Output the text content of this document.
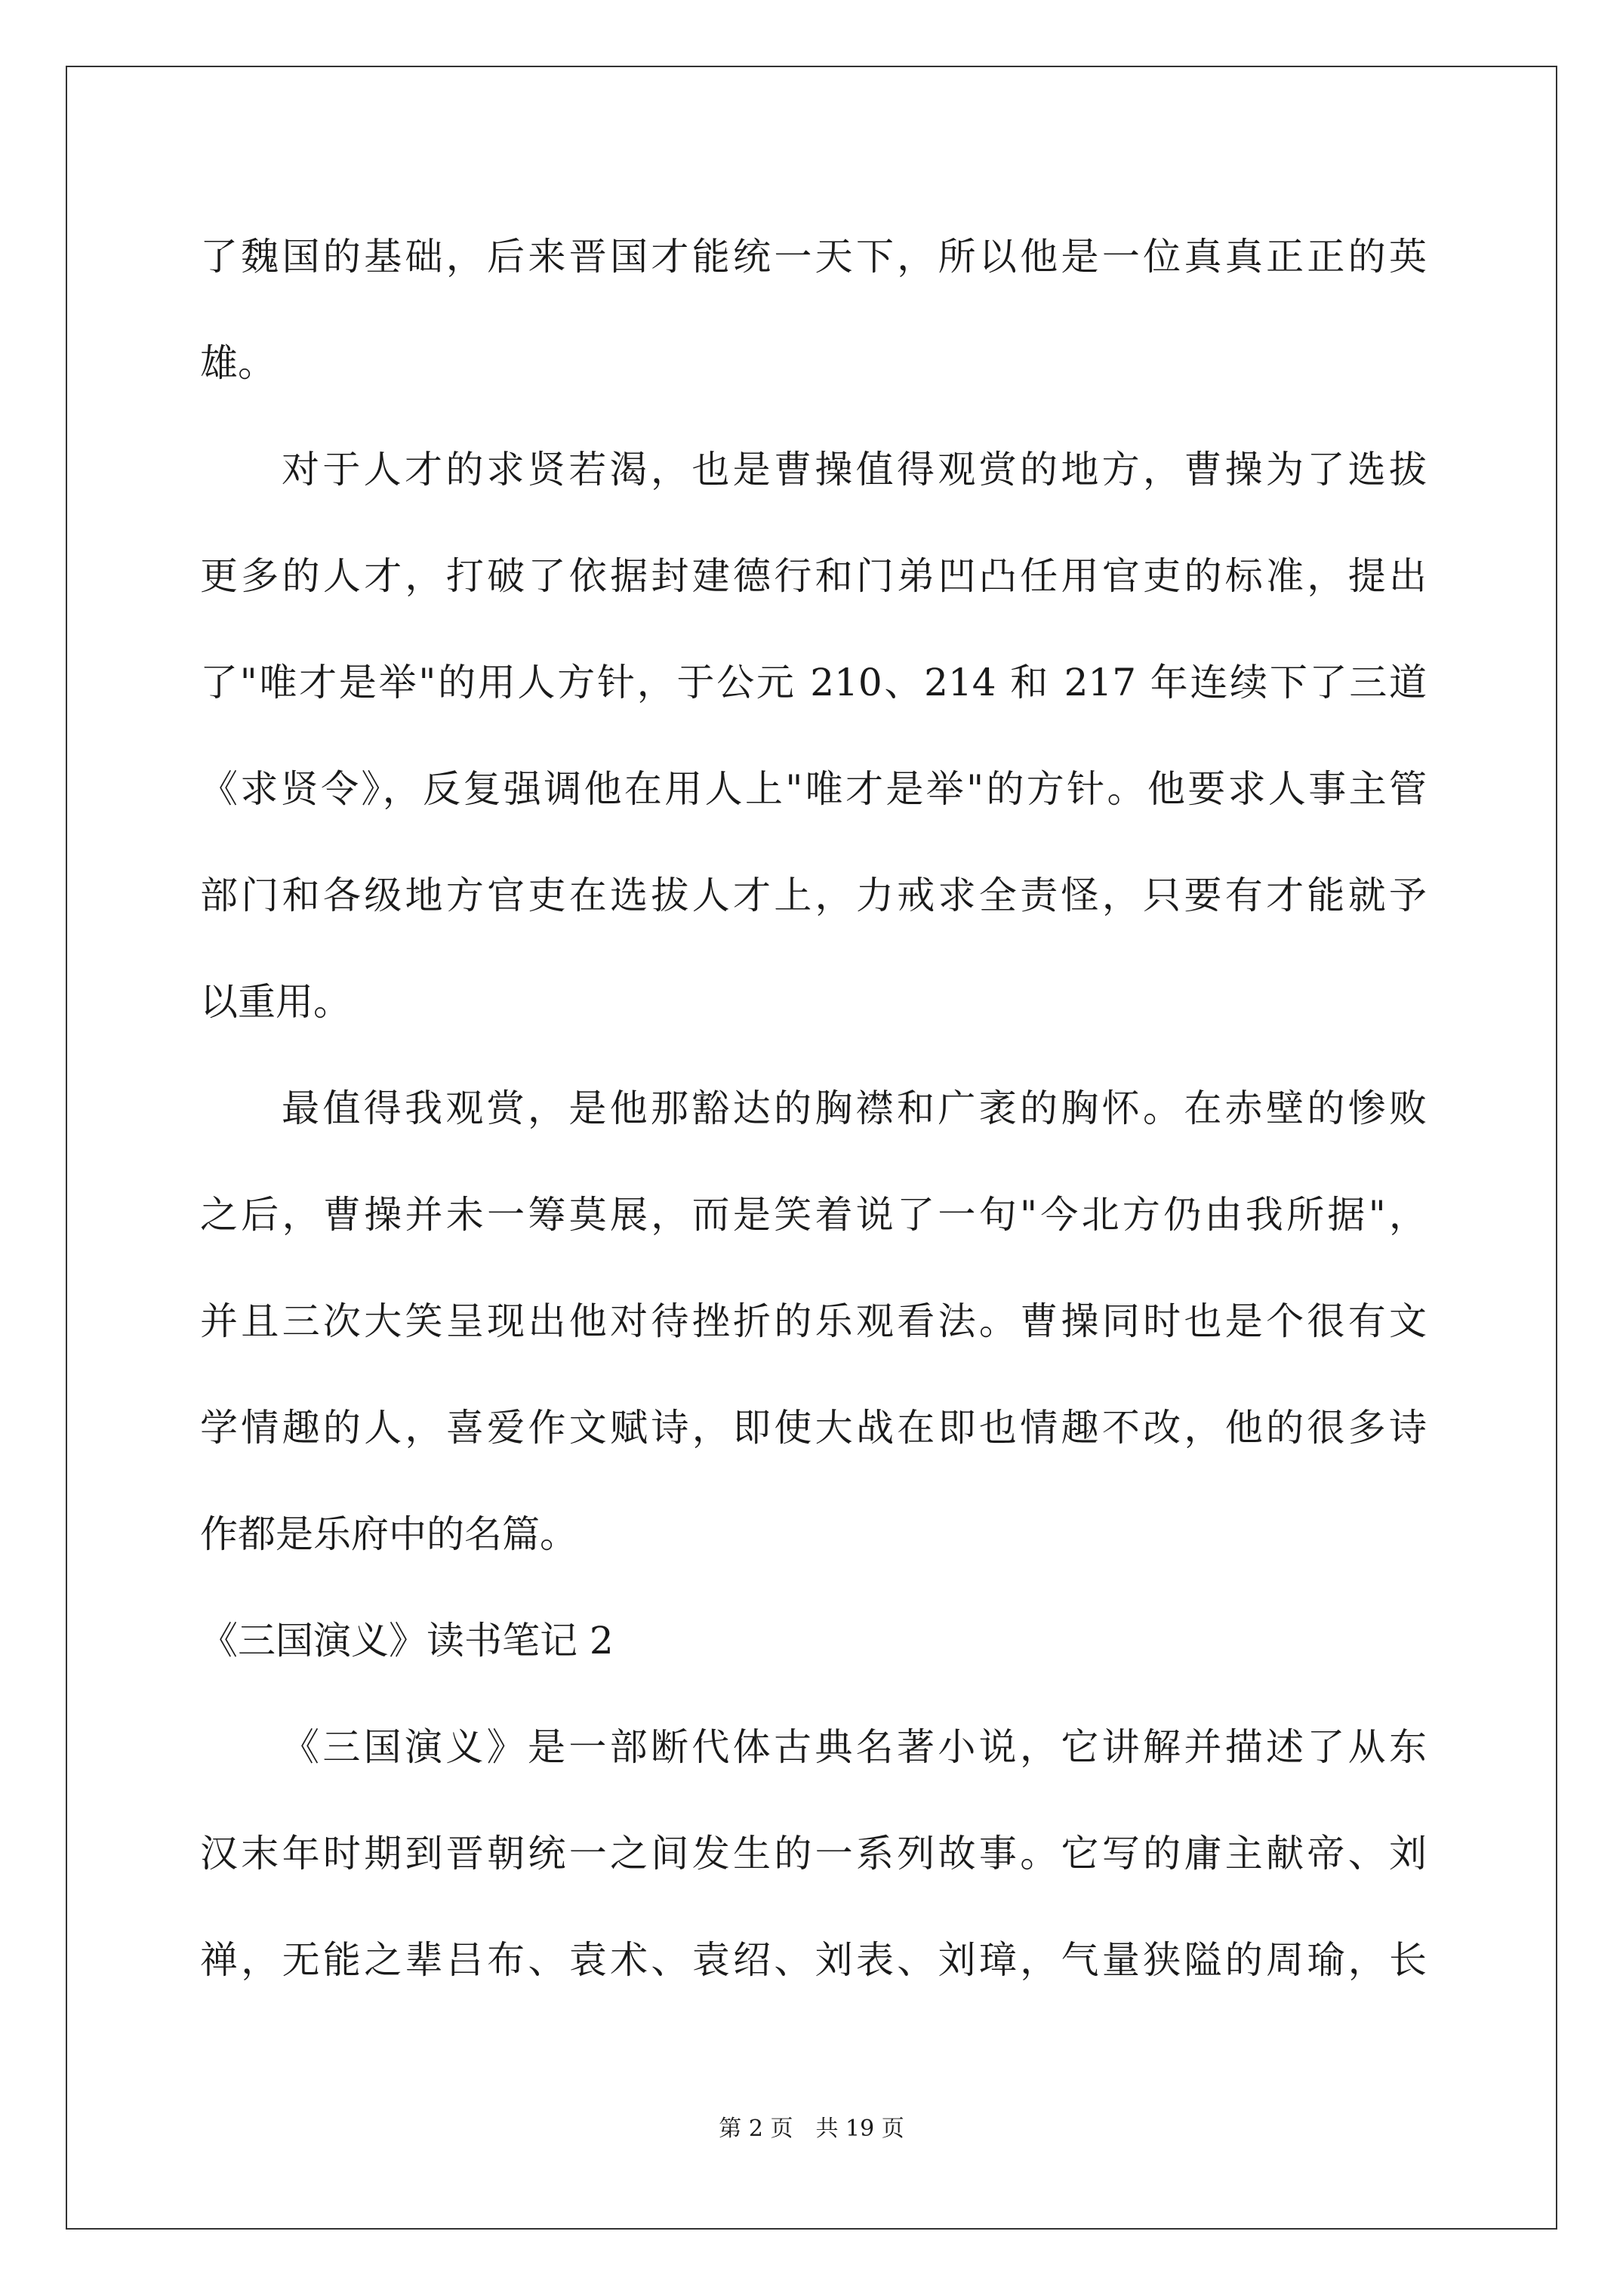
了魏国的基础，后来晋国才能统一天下，所以他是一位真真正正的英
雄。
对于人才的求贤若渴，也是曹操值得观赏的地方，曹操为了选拔
更多的人才，打破了依据封建德行和门弟凹凸任用官吏的标准，提出
了"唯才是举"的用人方针，于公元 210、214 和 217 年连续下了三道
《求贤令》，反复强调他在用人上"唯才是举"的方针。他要求人事主管
部门和各级地方官吏在选拔人才上，力戒求全责怪，只要有才能就予
以重用。
最值得我观赏，是他那豁达的胸襟和广袤的胸怀。在赤壁的惨败
之后，曹操并未一筹莫展，而是笑着说了一句"今北方仍由我所据"，
并且三次大笑呈现出他对待挫折的乐观看法。曹操同时也是个很有文
学情趣的人，喜爱作文赋诗，即使大战在即也情趣不改，他的很多诗
作都是乐府中的名篇。
《三国演义》读书笔记 2
《三国演义》是一部断代体古典名著小说，它讲解并描述了从东
汉末年时期到晋朝统一之间发生的一系列故事。它写的庸主献帝、刘
禅，无能之辈吕布、袁术、袁绍、刘表、刘璋，气量狭隘的周瑜，长
第 2 页 共 19 页
